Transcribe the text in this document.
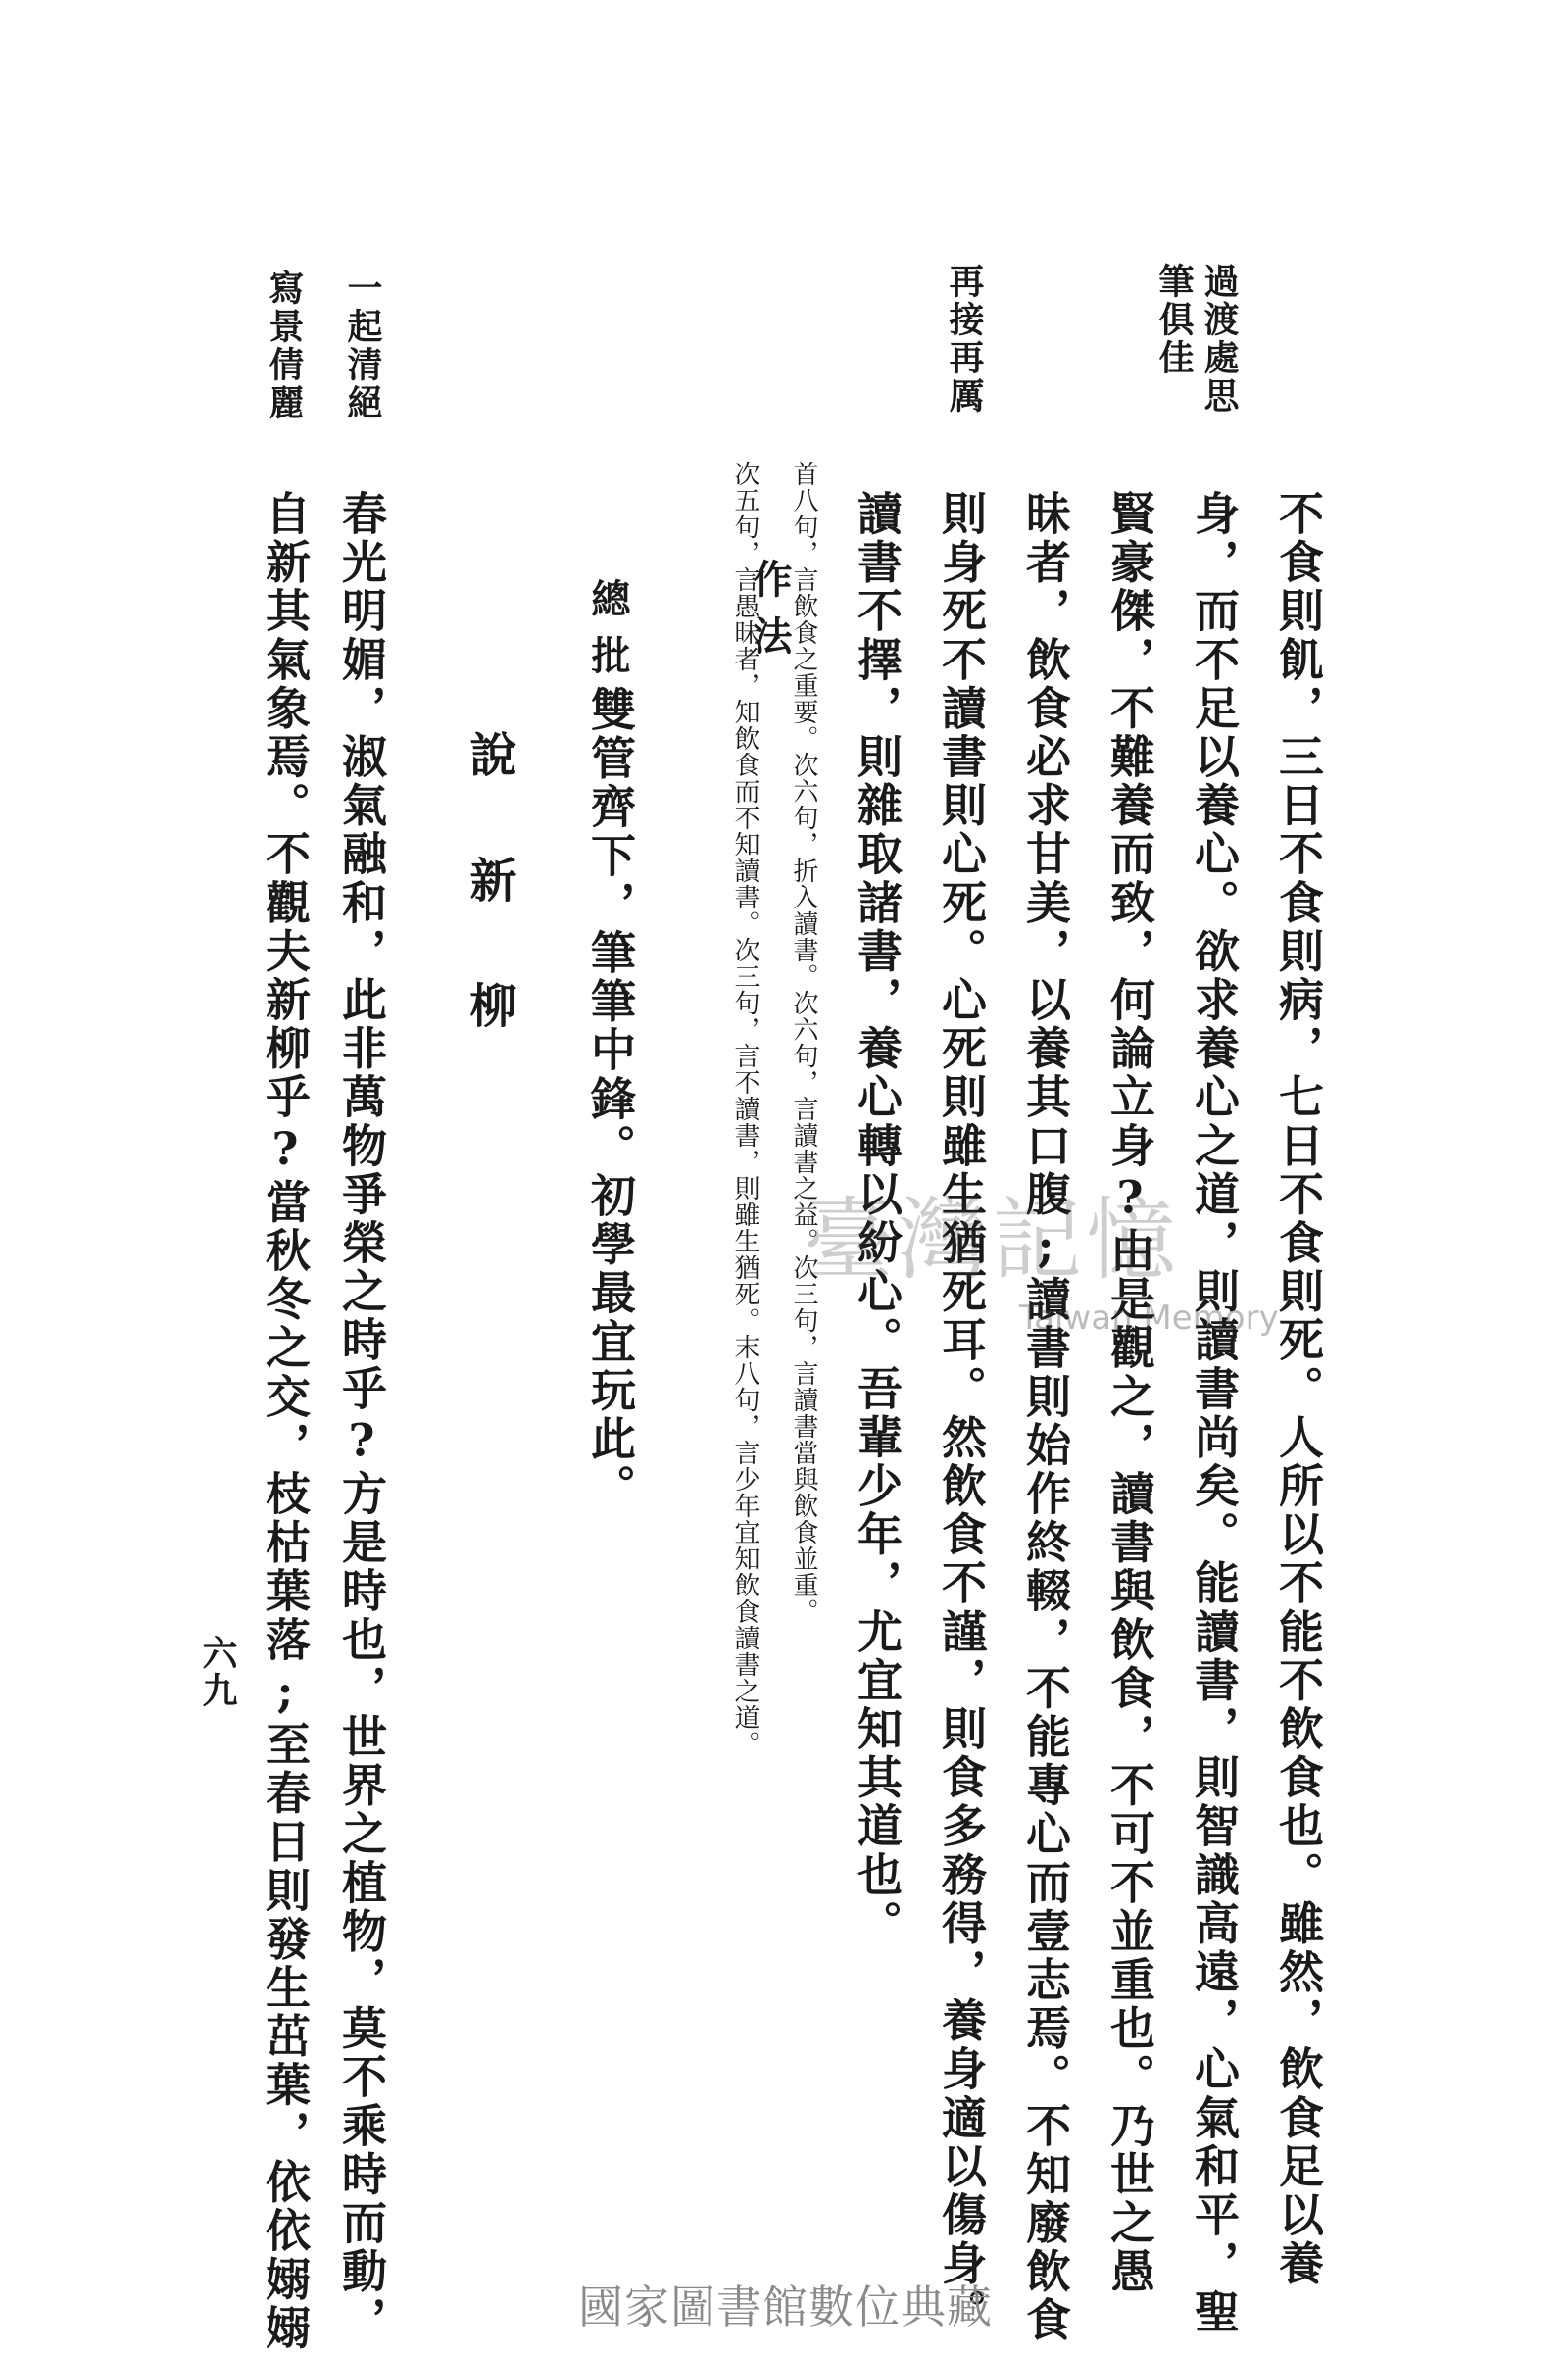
不食則飢，三日不食則病，七日不食則死。人所以不能不飲食也。雖然，飲食足以養
身，而不足以養心。欲求養心之道，則讀書尚矣。能讀書，則智識高遠，心氣和平，聖
賢豪傑，不難養而致，何論立身?由是觀之，讀書與飲食，不可不並重也。乃世之愚
昧者，飲食必求甘美，以養其口腹;讀書則始作終輟，不能專心而壹志焉。不知廢飲食
則身死不讀書則心死。心死則雖生猶死耳。然飲食不謹，則食多務得，養身適以傷身。
讀書不擇，則雜取諸書，養心轉以紛心。吾輩少年，尤宜知其道也。
過渡處思
筆俱佳
再接再厲
作法
首八句，言飲食之重要。次六句，折入讀書。次六句，言讀書之益。次三句，言讀書當與飲食並重。
次五句，言愚昧者，知飲食而不知讀書。次三句，言不讀書，則雖生猶死。末八句，言少年宜知飲食讀書之道。
總批
雙管齊下，筆筆中鋒。初學最宜玩此。
說新柳
一起清絕
寫景倩麗
春光明媚，淑氣融和，此非萬物爭榮之時乎?方是時也，世界之植物，莫不乘時而動，
自新其氣象焉。不觀夫新柳乎?當秋冬之交，枝枯葉落;至春日則發生茁葉，依依嫋嫋
六九
臺灣記憶
Taiwan Memory
國家圖書館數位典藏
